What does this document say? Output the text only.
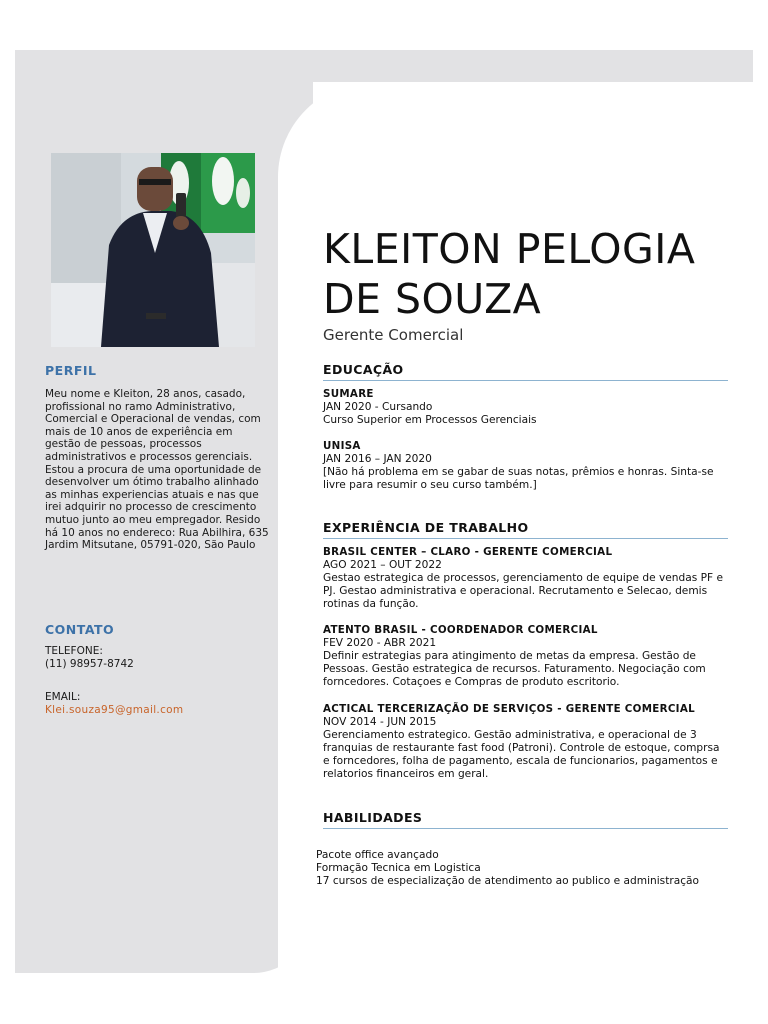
PERFIL
Meu nome e Kleiton, 28 anos, casado, profissional no ramo Administrativo, Comercial e Operacional de vendas, com mais de 10 anos de experiência em gestão de pessoas, processos administrativos e processos gerenciais. Estou a procura de uma oportunidade de desenvolver um ótimo trabalho alinhado as minhas experiencias atuais e nas que irei adquirir no processo de crescimento mutuo junto ao meu empregador. Resido há 10 anos no endereco: Rua Abilhira, 635 Jardim Mitsutane, 05791-020, São Paulo
CONTATO
TELEFONE:
(11) 98957-8742
EMAIL:
Klei.souza95@gmail.com
KLEITON PELOGIA
DE SOUZA
Gerente Comercial
EDUCAÇÃO
SUMARE
JAN 2020 - Cursando
Curso Superior em Processos Gerenciais
UNISA
JAN 2016 – JAN 2020
[Não há problema em se gabar de suas notas, prêmios e honras. Sinta-se livre para resumir o seu curso também.]
EXPERIÊNCIA DE TRABALHO
BRASIL CENTER – CLARO - GERENTE COMERCIAL
AGO 2021 – OUT 2022
Gestao estrategica de processos, gerenciamento de equipe de vendas PF e PJ. Gestao administrativa e operacional. Recrutamento e Selecao, demis rotinas da função.
ATENTO BRASIL - COORDENADOR COMERCIAL
FEV 2020 - ABR 2021
Definir estrategias para atingimento de metas da empresa. Gestão de Pessoas. Gestão estrategica de recursos. Faturamento. Negociação com forncedores. Cotaçoes e Compras de produto escritorio.
ACTICAL TERCERIZAÇÃO DE SERVIÇOS - GERENTE COMERCIAL
NOV 2014 - JUN 2015
Gerenciamento estrategico. Gestão administrativa, e operacional de 3 franquias de restaurante fast food (Patroni). Controle de estoque, comprsa e forncedores, folha de pagamento, escala de funcionarios, pagamentos e relatorios financeiros em geral.
HABILIDADES
Pacote office avançado
Formação Tecnica em Logistica
17 cursos de especialização de atendimento ao publico e administração
